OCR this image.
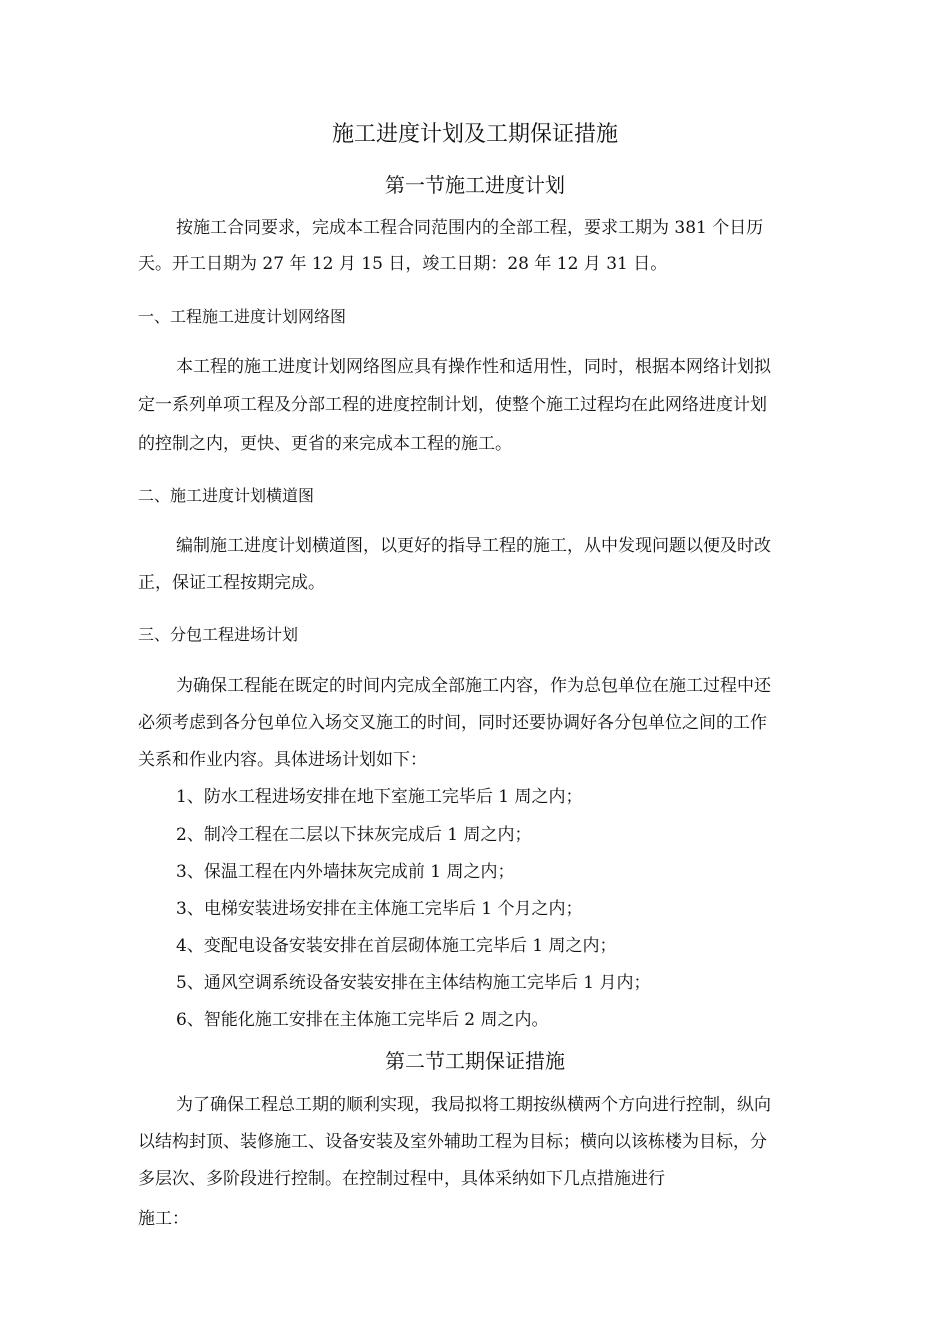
施工进度计划及工期保证措施
第一节施工进度计划
按施工合同要求，完成本工程合同范围内的全部工程，要求工期为 381 个日历
天。开工日期为 27 年 12 月 15 日，竣工日期：28 年 12 月 31 日。
一、工程施工进度计划网络图
本工程的施工进度计划网络图应具有操作性和适用性，同时，根据本网络计划拟
定一系列单项工程及分部工程的进度控制计划，使整个施工过程均在此网络进度计划
的控制之内，更快、更省的来完成本工程的施工。
二、施工进度计划横道图
编制施工进度计划横道图，以更好的指导工程的施工，从中发现问题以便及时改
正，保证工程按期完成。
三、分包工程进场计划
为确保工程能在既定的时间内完成全部施工内容，作为总包单位在施工过程中还
必须考虑到各分包单位入场交叉施工的时间，同时还要协调好各分包单位之间的工作
关系和作业内容。具体进场计划如下：
1、防水工程进场安排在地下室施工完毕后 1 周之内；
2、制冷工程在二层以下抹灰完成后 1 周之内；
3、保温工程在内外墙抹灰完成前 1 周之内；
3、电梯安装进场安排在主体施工完毕后 1 个月之内；
4、变配电设备安装安排在首层砌体施工完毕后 1 周之内；
5、通风空调系统设备安装安排在主体结构施工完毕后 1 月内；
6、智能化施工安排在主体施工完毕后 2 周之内。
第二节工期保证措施
为了确保工程总工期的顺利实现，我局拟将工期按纵横两个方向进行控制，纵向
以结构封顶、装修施工、设备安装及室外辅助工程为目标；横向以该栋楼为目标，分
多层次、多阶段进行控制。在控制过程中，具体采纳如下几点措施进行
施工：
